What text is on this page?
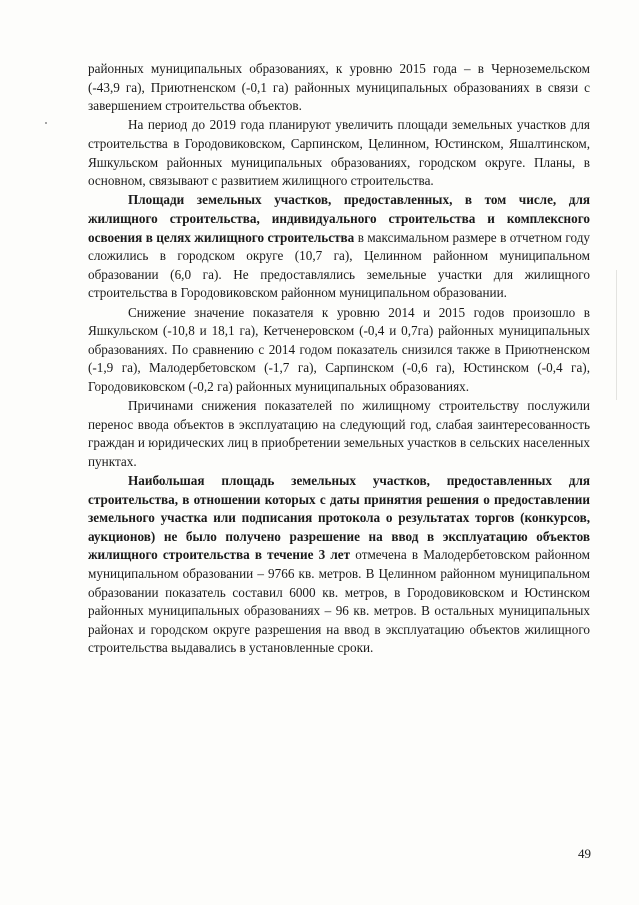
районных муниципальных образованиях, к уровню 2015 года – в Черноземельском (-43,9 га), Приютненском (-0,1 га) районных муниципальных образованиях в связи с завершением строительства объектов.

На период до 2019 года планируют увеличить площади земельных участков для строительства в Городовиковском, Сарпинском, Целинном, Юстинском, Яшалтинском, Яшкульском районных муниципальных образованиях, городском округе. Планы, в основном, связывают с развитием жилищного строительства.

Площади земельных участков, предоставленных, в том числе, для жилищного строительства, индивидуального строительства и комплексного освоения в целях жилищного строительства в максимальном размере в отчетном году сложились в городском округе (10,7 га), Целинном районном муниципальном образовании (6,0 га). Не предоставлялись земельные участки для жилищного строительства в Городовиковском районном муниципальном образовании.

Снижение значение показателя к уровню 2014 и 2015 годов произошло в Яшкульском (-10,8 и 18,1 га), Кетченеровском (-0,4 и 0,7га) районных муниципальных образованиях. По сравнению с 2014 годом показатель снизился также в Приютненском (-1,9 га), Малодербетовском (-1,7 га), Сарпинском (-0,6 га), Юстинском (-0,4 га), Городовиковском (-0,2 га) районных муниципальных образованиях.

Причинами снижения показателей по жилищному строительству послужили перенос ввода объектов в эксплуатацию на следующий год, слабая заинтересованность граждан и юридических лиц в приобретении земельных участков в сельских населенных пунктах.

Наибольшая площадь земельных участков, предоставленных для строительства, в отношении которых с даты принятия решения о предоставлении земельного участка или подписания протокола о результатах торгов (конкурсов, аукционов) не было получено разрешение на ввод в эксплуатацию объектов жилищного строительства в течение 3 лет отмечена в Малодербетовском районном муниципальном образовании – 9766 кв. метров. В Целинном районном муниципальном образовании показатель составил 6000 кв. метров, в Городовиковском и Юстинском районных муниципальных образованиях – 96 кв. метров. В остальных муниципальных районах и городском округе разрешения на ввод в эксплуатацию объектов жилищного строительства выдавались в установленные сроки.

49
